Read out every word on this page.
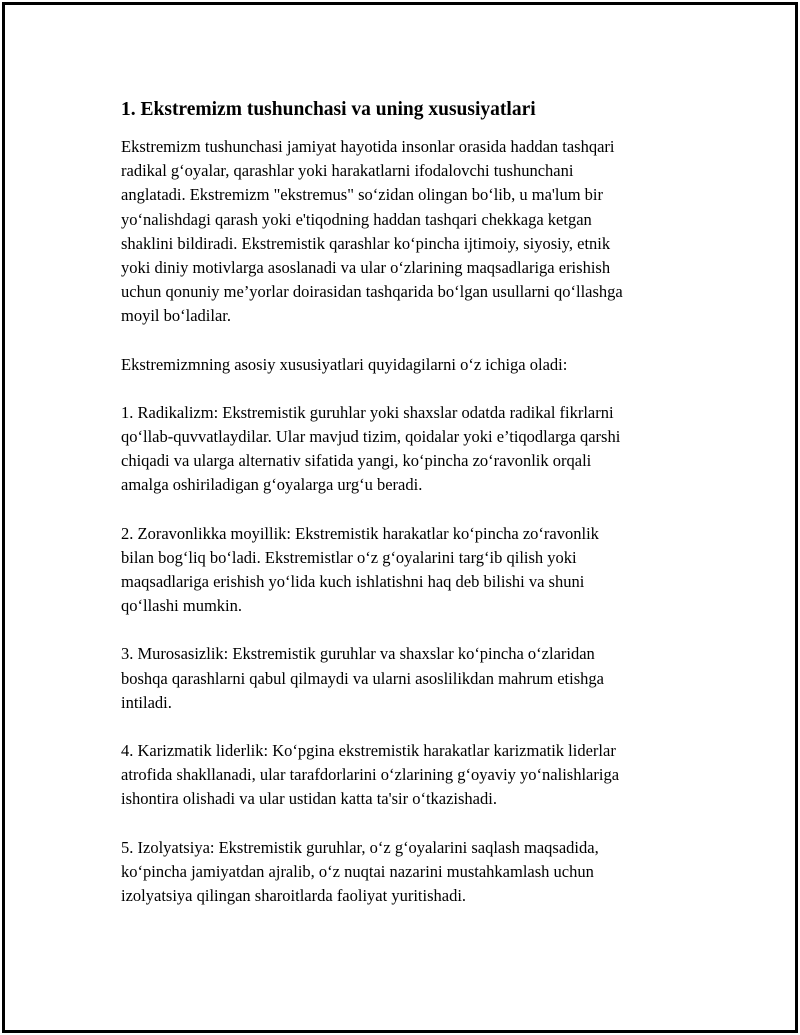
1. Ekstremizm tushunchasi va uning xususiyatlari

Ekstremizm tushunchasi jamiyat hayotida insonlar orasida haddan tashqari
radikal g‘oyalar, qarashlar yoki harakatlarni ifodalovchi tushunchani
anglatadi. Ekstremizm "ekstremus" so‘zidan olingan bo‘lib, u ma'lum bir
yo‘nalishdagi qarash yoki e'tiqodning haddan tashqari chekkaga ketgan
shaklini bildiradi. Ekstremistik qarashlar ko‘pincha ijtimoiy, siyosiy, etnik
yoki diniy motivlarga asoslanadi va ular o‘zlarining maqsadlariga erishish
uchun qonuniy me’yorlar doirasidan tashqarida bo‘lgan usullarni qo‘llashga
moyil bo‘ladilar.

Ekstremizmning asosiy xususiyatlari quyidagilarni o‘z ichiga oladi:

1. Radikalizm: Ekstremistik guruhlar yoki shaxslar odatda radikal fikrlarni
qo‘llab-quvvatlaydilar. Ular mavjud tizim, qoidalar yoki e’tiqodlarga qarshi
chiqadi va ularga alternativ sifatida yangi, ko‘pincha zo‘ravonlik orqali
amalga oshiriladigan g‘oyalarga urg‘u beradi.

2. Zoravonlikka moyillik: Ekstremistik harakatlar ko‘pincha zo‘ravonlik
bilan bog‘liq bo‘ladi. Ekstremistlar o‘z g‘oyalarini targ‘ib qilish yoki
maqsadlariga erishish yo‘lida kuch ishlatishni haq deb bilishi va shuni
qo‘llashi mumkin.

3. Murosasizlik: Ekstremistik guruhlar va shaxslar ko‘pincha o‘zlaridan
boshqa qarashlarni qabul qilmaydi va ularni asoslilikdan mahrum etishga
intiladi.

4. Karizmatik liderlik: Ko‘pgina ekstremistik harakatlar karizmatik liderlar
atrofida shakllanadi, ular tarafdorlarini o‘zlarining g‘oyaviy yo‘nalishlariga
ishontira olishadi va ular ustidan katta ta'sir o‘tkazishadi.

5. Izolyatsiya: Ekstremistik guruhlar, o‘z g‘oyalarini saqlash maqsadida,
ko‘pincha jamiyatdan ajralib, o‘z nuqtai nazarini mustahkamlash uchun
izolyatsiya qilingan sharoitlarda faoliyat yuritishadi.
